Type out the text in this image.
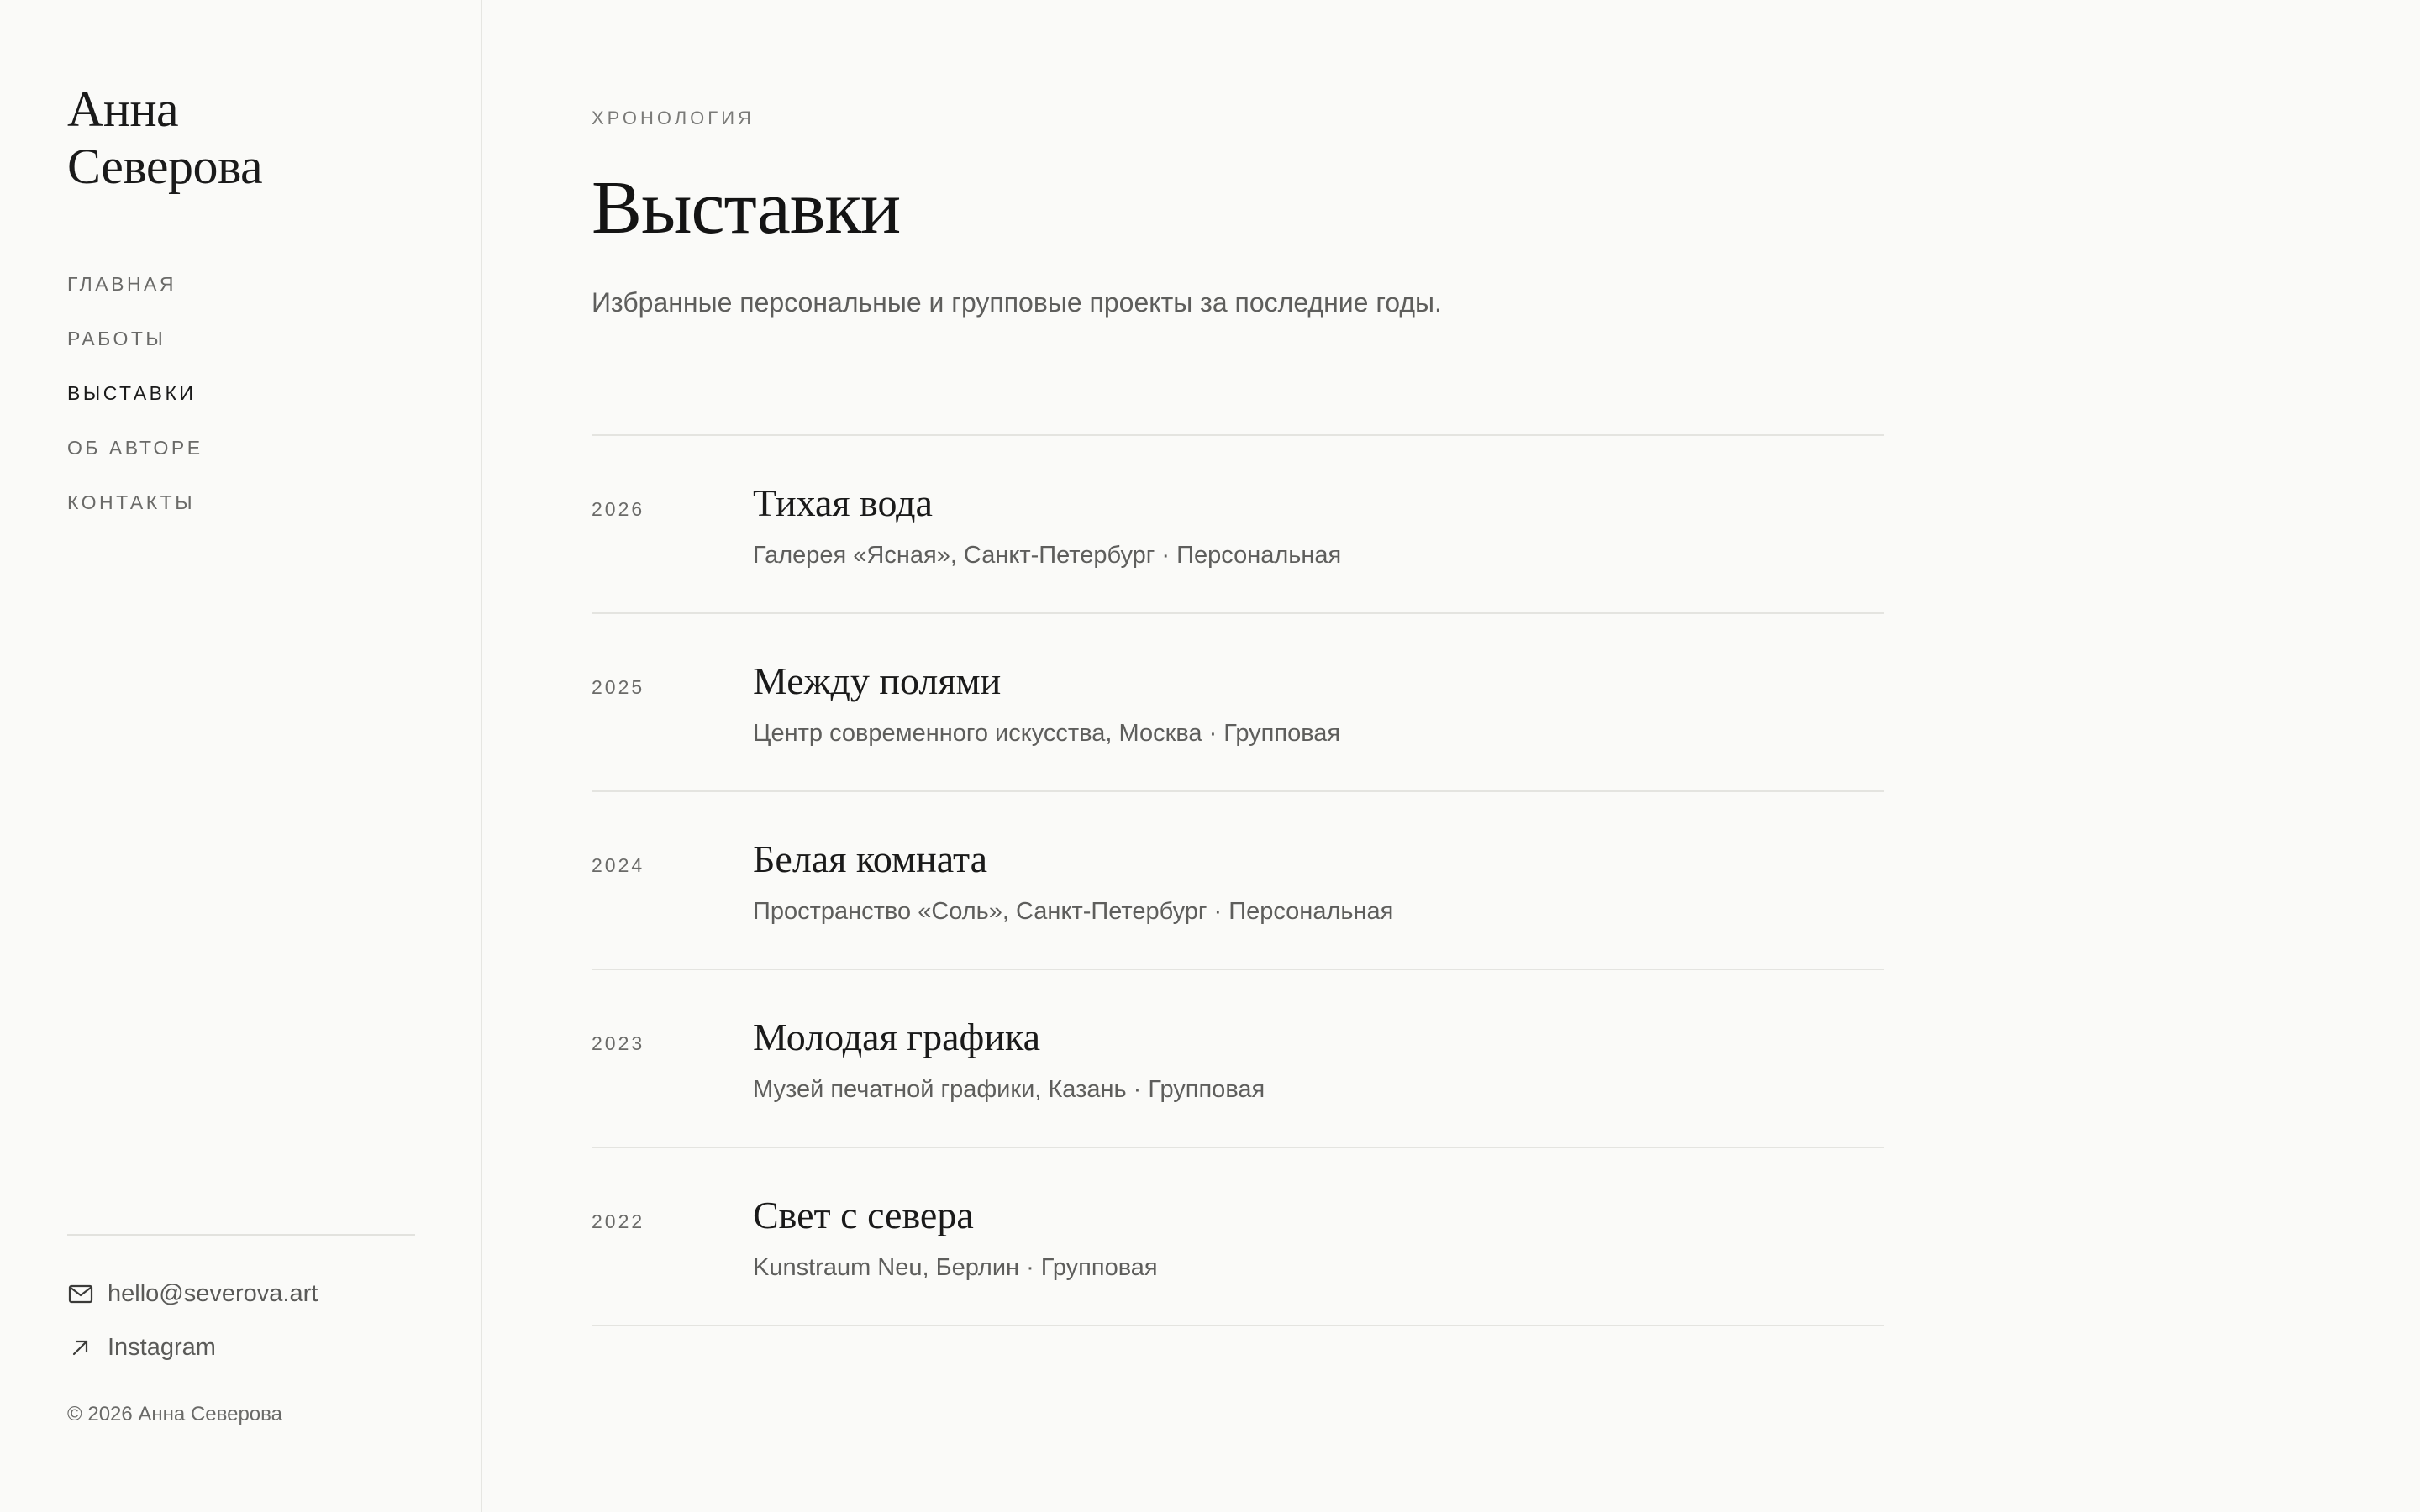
Анна
Северова
ГЛАВНАЯ
РАБОТЫ
ВЫСТАВКИ
ОБ АВТОРЕ
КОНТАКТЫ
hello@severova.art
Instagram

© 2026 Анна Северова

ХРОНОЛОГИЯ

Выставки

Избранные персональные и групповые проекты за последние годы.

2026	Тихая вода

Галерея «Ясная», Санкт-Петербург · Персональная

2025	Между полями

Центр современного искусства, Москва · Групповая

2024	Белая комната

Пространство «Соль», Санкт-Петербург · Персональная

2023	Молодая графика

Музей печатной графики, Казань · Групповая

2022	Свет с севера

Kunstraum Neu, Берлин · Групповая
